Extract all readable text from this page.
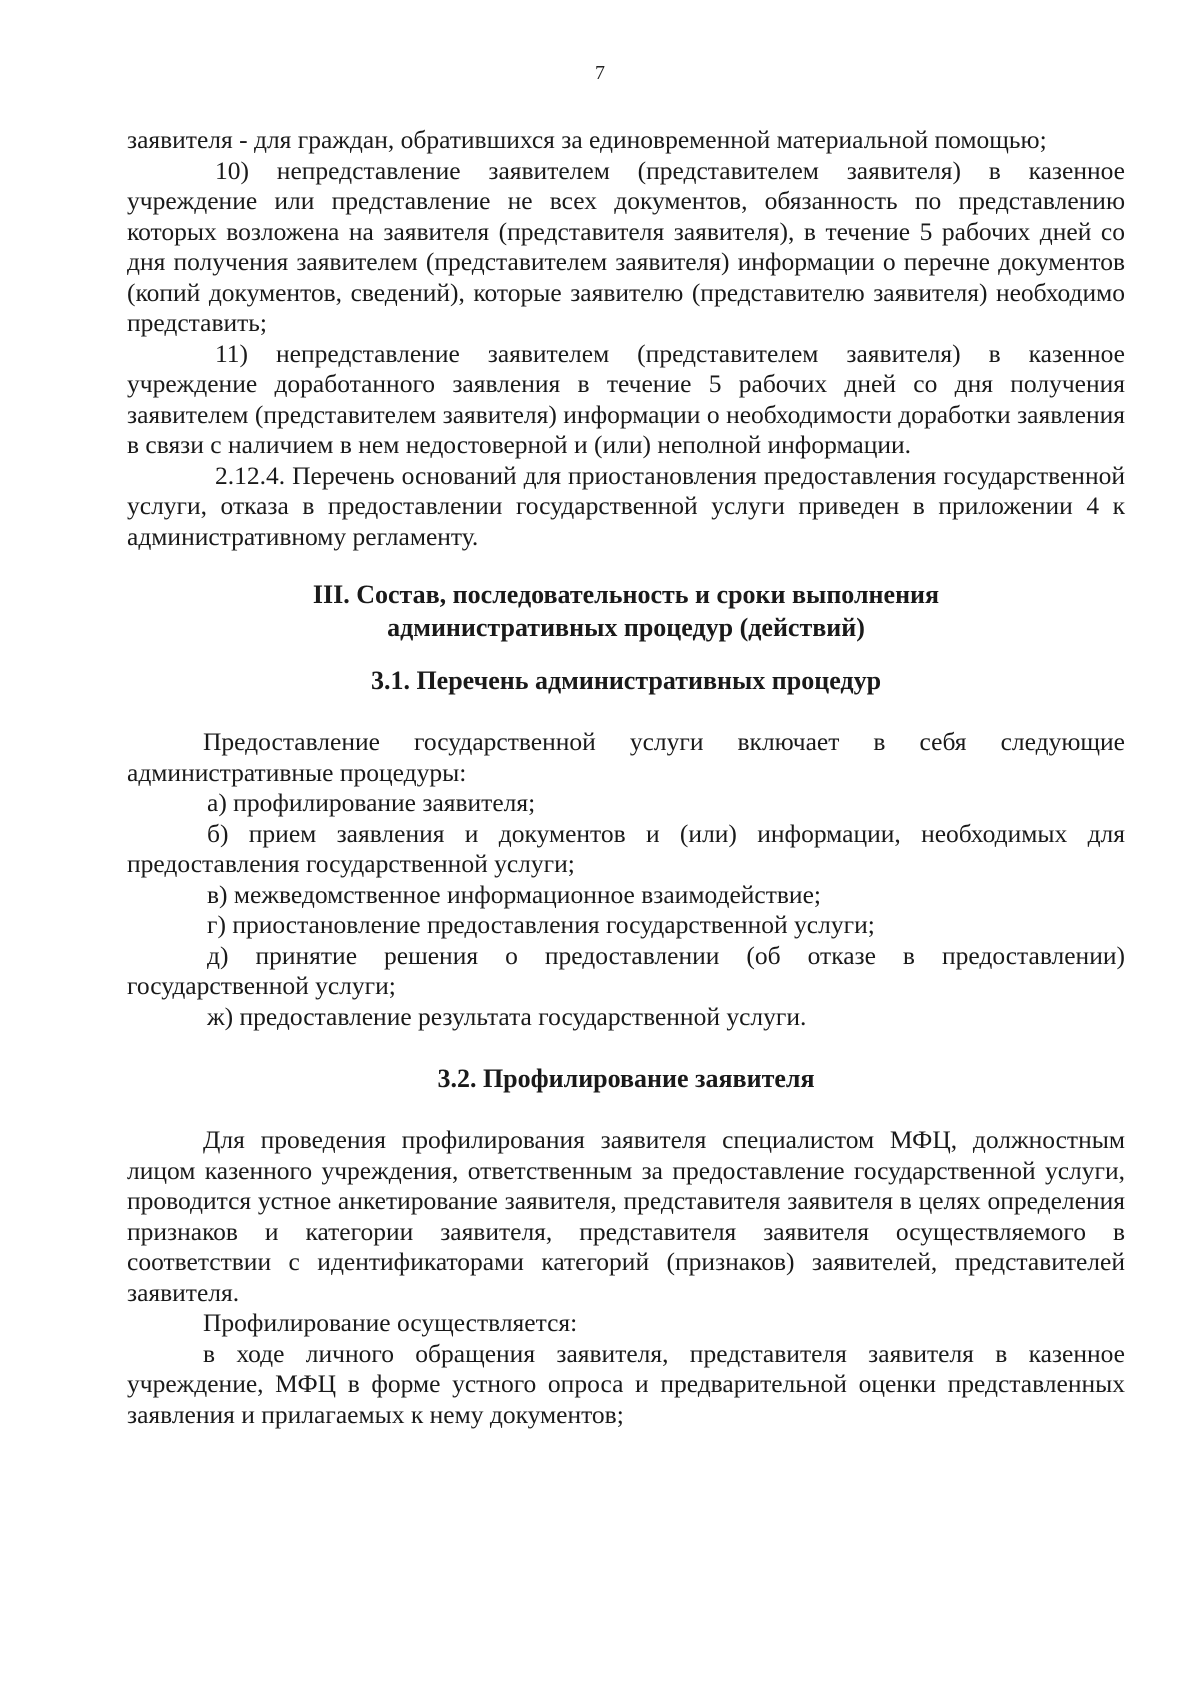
7

заявителя - для граждан, обратившихся за единовременной материальной помощью;

10) непредставление заявителем (представителем заявителя) в казенное учреждение или представление не всех документов, обязанность по представлению которых возложена на заявителя (представителя заявителя), в течение 5 рабочих дней со дня получения заявителем (представителем заявителя) информации о перечне документов (копий документов, сведений), которые заявителю (представителю заявителя) необходимо представить;

11) непредставление заявителем (представителем заявителя) в казенное учреждение доработанного заявления в течение 5 рабочих дней со дня получения заявителем (представителем заявителя) информации о необходимости доработки заявления в связи с наличием в нем недостоверной и (или) неполной информации.

2.12.4. Перечень оснований для приостановления предоставления государственной услуги, отказа в предоставлении государственной услуги приведен в приложении 4 к административному регламенту.

III. Состав, последовательность и сроки выполнения
административных процедур (действий)
3.1. Перечень административных процедур

Предоставление государственной услуги включает в себя следующие административные процедуры:

а) профилирование заявителя;

б) прием заявления и документов и (или) информации, необходимых для предоставления государственной услуги;

в) межведомственное информационное взаимодействие;

г) приостановление предоставления государственной услуги;

д) принятие решения о предоставлении (об отказе в предоставлении) государственной услуги;

ж) предоставление результата государственной услуги.

3.2. Профилирование заявителя

Для проведения профилирования заявителя специалистом МФЦ, должностным лицом казенного учреждения, ответственным за предоставление государственной услуги, проводится устное анкетирование заявителя, представителя заявителя в целях определения признаков и категории заявителя, представителя заявителя осуществляемого в соответствии с идентификаторами категорий (признаков) заявителей, представителей заявителя.

Профилирование осуществляется:

в ходе личного обращения заявителя, представителя заявителя в казенное учреждение, МФЦ в форме устного опроса и предварительной оценки представленных заявления и прилагаемых к нему документов;
